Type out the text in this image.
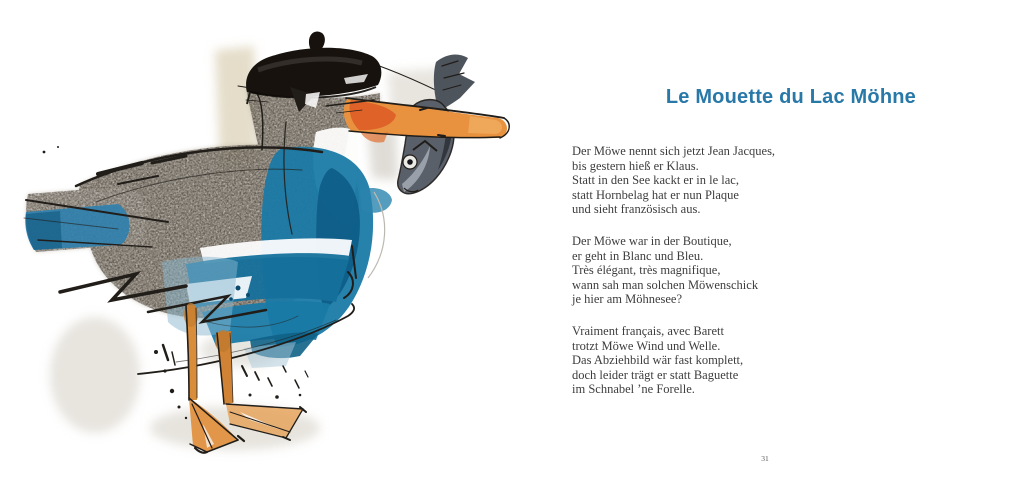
Le Mouette du Lac Möhne
Der Möwe nennt sich jetzt Jean Jacques,
bis gestern hieß er Klaus.
Statt in den See kackt er in le lac,
statt Hornbelag hat er nun Plaque
und sieht französisch aus.
Der Möwe war in der Boutique,
er geht in Blanc und Bleu.
Très élégant, très magnifique,
wann sah man solchen Möwenschick
je hier am Möhnesee?
Vraiment français, avec Barett
trotzt Möwe Wind und Welle.
Das Abziehbild wär fast komplett,
doch leider trägt er statt Baguette
im Schnabel ’ne Forelle.
31
